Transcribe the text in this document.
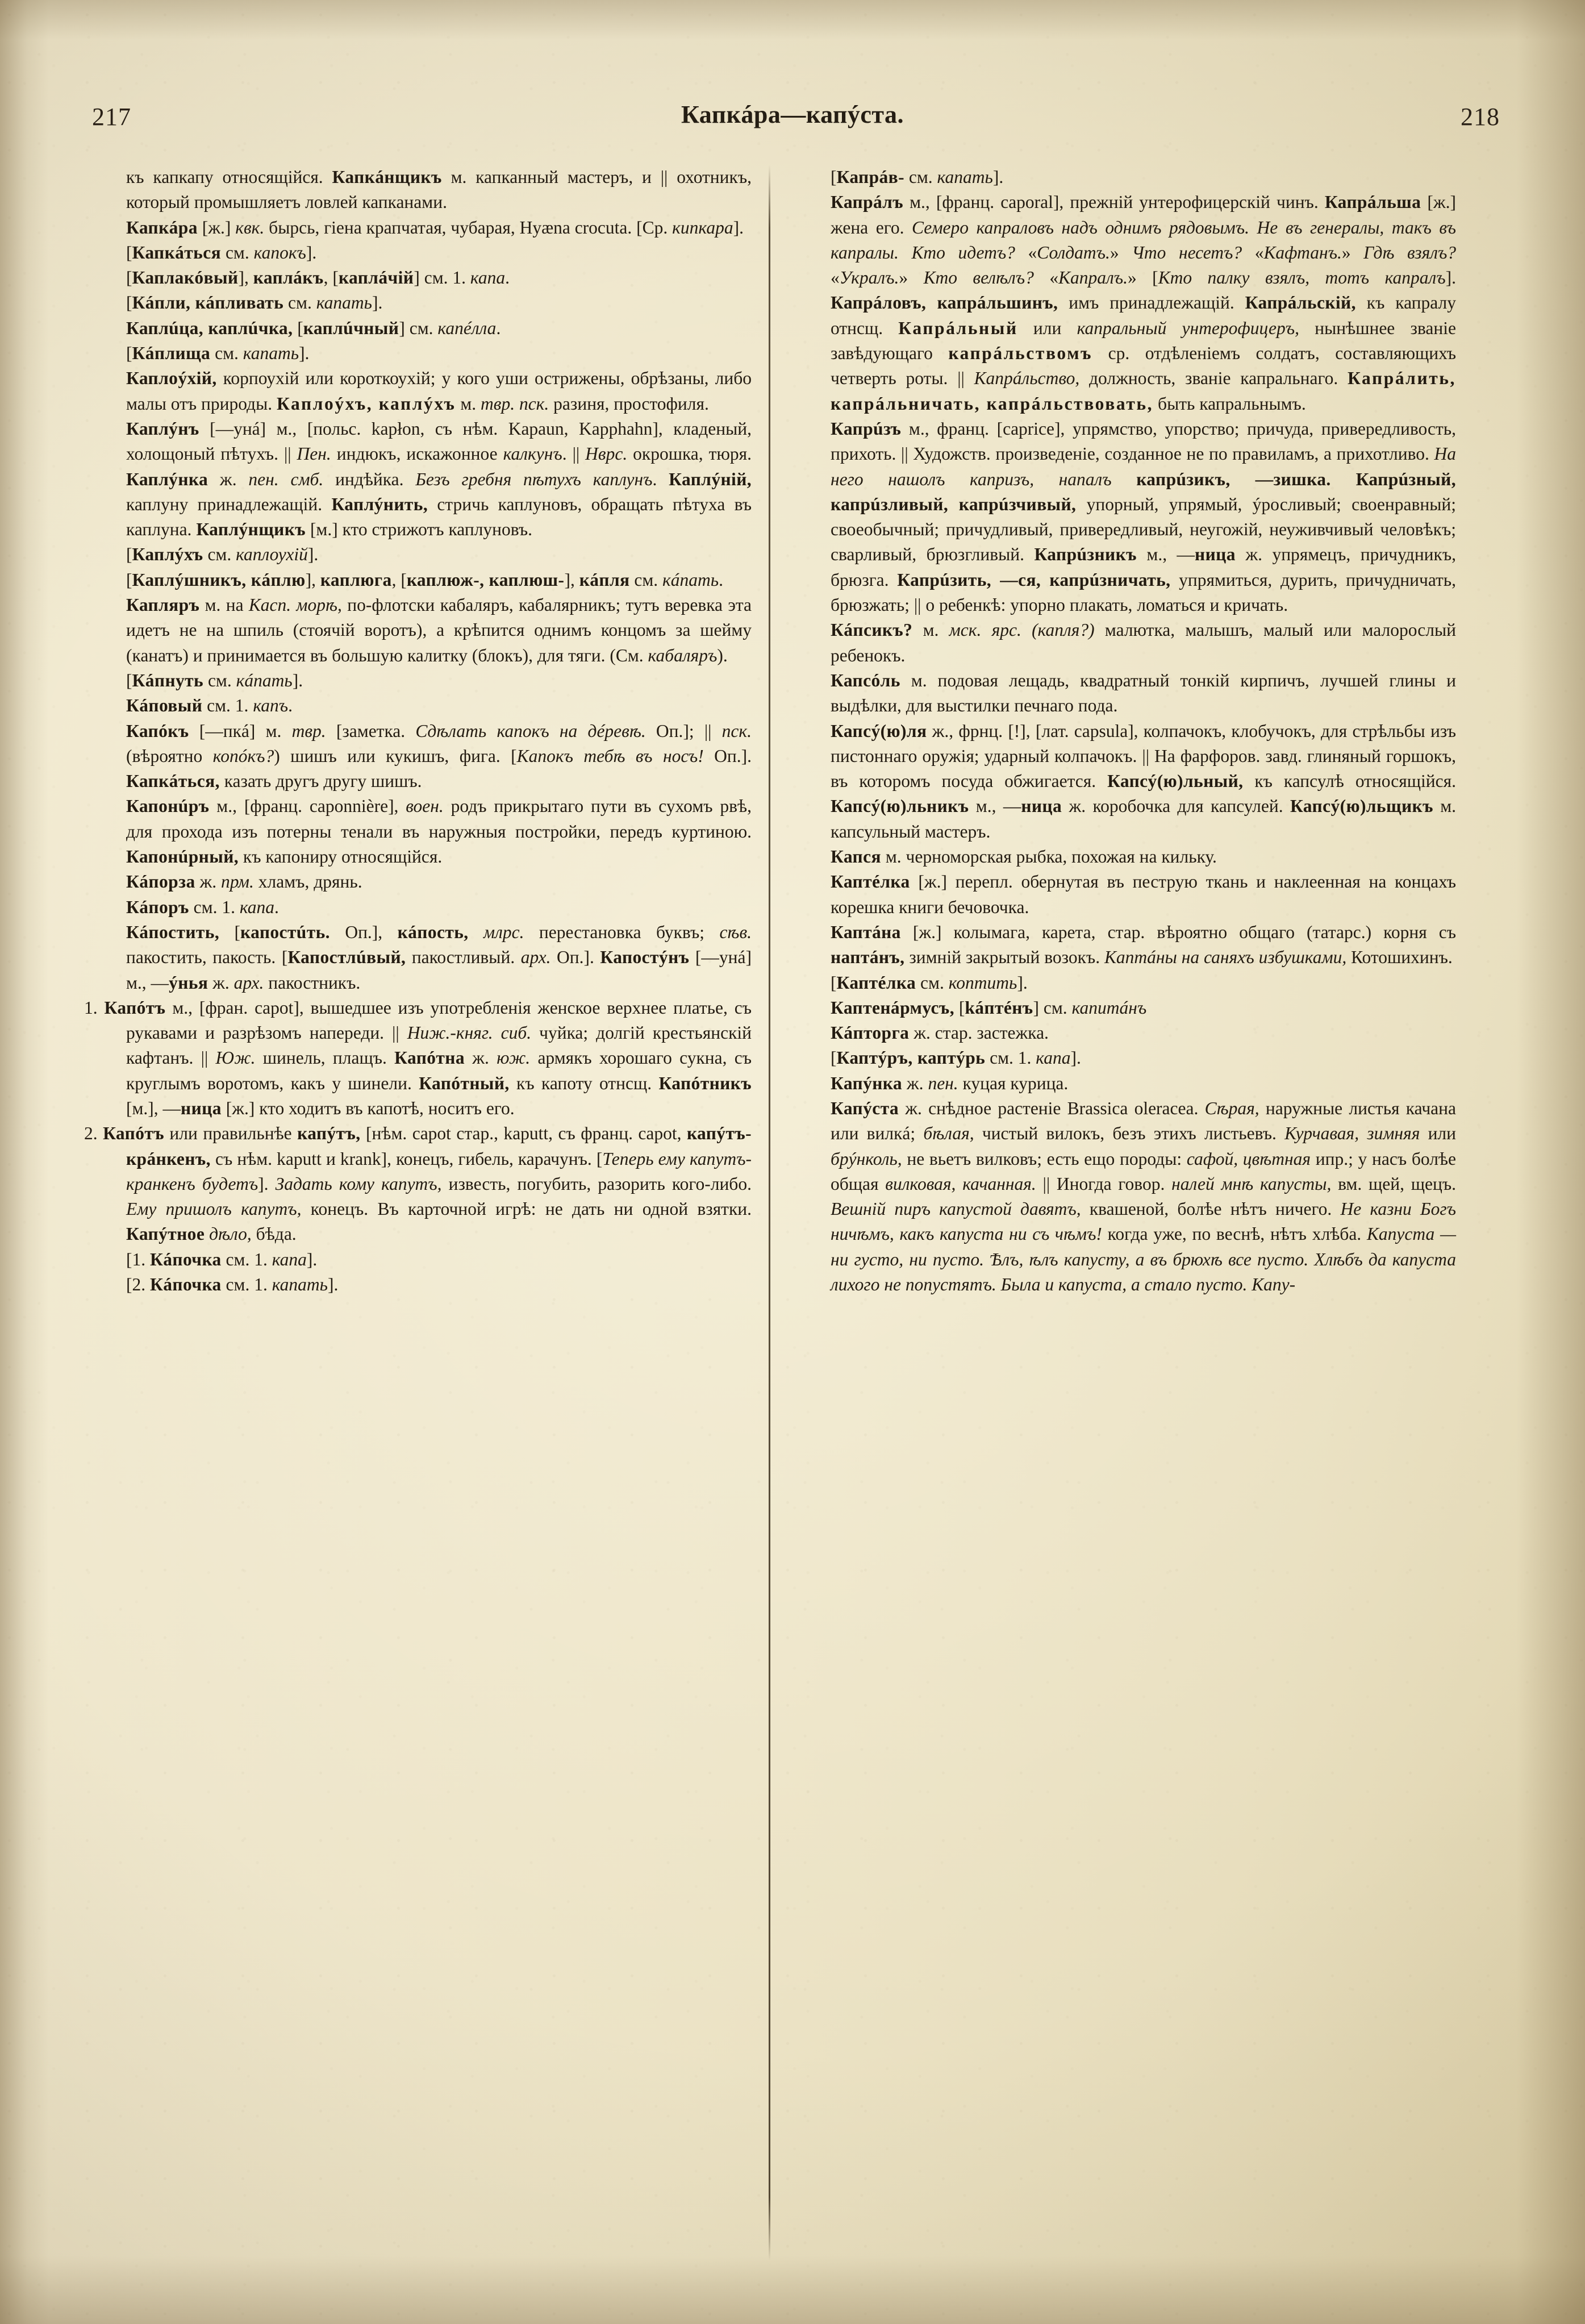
217	Капкáра—капýста.	218

къ капкапу относящiйся. Капкáнщикъ м. капканный мастеръ, и || охотникъ, который промышляетъ ловлей капканами.

Капкáра [ж.] квк. бырсь, гiена крапчатая, чубарая, Hyæna crocuta. [Ср. кипкара].

[Капкáться см. капокъ].

[Каплакóвый], каплáкъ, [каплáчiй] см. 1. капа.

[Кáпли, кáпливать см. капать].

Каплúца, каплúчка, [каплúчный] см. капéлла.

[Кáплища см. капать].

Каплоýхiй, корпоухiй или короткоухiй; у кого уши острижены, обрѣзаны, либо малы отъ природы. Каплоýхъ, каплýхъ м. твр. пск. разиня, простофиля.

Каплýнъ [—унá] м., [польс. kapłon, съ нѣм. Kapaun, Kapphahn], кладеный, холощоный пѣтухъ. || Пен. индюкъ, искажонное калкунъ. || Нврс. окрошка, тюря. Каплýнка ж. пен. смб. индѣйка. Безъ гребня пѣтухъ каплунъ. Каплýнiй, каплуну принадлежащiй. Каплýнить, стричь каплуновъ, обращать пѣтуха въ каплуна. Каплýнщикъ [м.] кто стрижотъ каплуновъ.

[Каплýхъ см. каплоухiй].

[Каплýшникъ, кáплю], каплюга, [каплюж-, каплюш-], кáпля см. кáпать.

Капляръ м. на Касп. морѣ, по-флотски кабаляръ, кабалярникъ; тутъ веревка эта идетъ не на шпиль (стоячiй воротъ), а крѣпится однимъ концомъ за шейму (канатъ) и принимается въ большую калитку (блокъ), для тяги. (См. кабаляръ).

[Кáпнуть см. кáпать].

Кáповый см. 1. капъ.

Капóкъ [—пкá] м. твр. [заметка. Сдѣлать капокъ на дéревѣ. Оп.]; || пск. (вѣроятно копóкъ?) шишъ или кукишъ, фига. [Капокъ тебѣ въ носъ! Оп.]. Капкáться, казать другъ другу шишъ.

Капонúръ м., [франц. caponnière], воен. родъ прикрытаго пути въ сухомъ рвѣ, для прохода изъ потерны тенали въ наружныя постройки, передъ куртиною. Капонúрный, къ капониру относящiйся.

Кáпорза ж. прм. хламъ, дрянь.

Кáпоръ см. 1. капа.

Кáпостить, [капостúть. Оп.], кáпость, млрс. перестановка буквъ; сѣв. пакостить, пакость. [Капостлúвый, пакостливый. арх. Оп.]. Капостýнъ [—унá] м., —ýнья ж. арх. пакостникъ.

1. Капóтъ м., [фран. capot], вышедшее изъ употребленiя женское верхнее платье, съ рукавами и разрѣзомъ напереди. || Ниж.-княг. сиб. чуйка; долгiй крестьянскiй кафтанъ. || Юж. шинель, плащъ. Капóтна ж. юж. армякъ хорошаго сукна, съ круглымъ воротомъ, какъ у шинели. Капóтный, къ капоту отнсщ. Капóтникъ [м.], —ница [ж.] кто ходитъ въ капотѣ, носитъ его.

2. Капóтъ или правильнѣе капýтъ, [нѣм. capot стар., kaputt, съ франц. capot, капýтъ-крáнкенъ, съ нѣм. kaputt и krank], конецъ, гибель, карачунъ. [Теперь ему капутъ-кранкенъ будетъ]. Задать кому капутъ, известь, погубить, разорить кого-либо. Ему пришолъ капутъ, конецъ. Въ карточной игрѣ: не дать ни одной взятки. Капýтное дѣло, бѣда.

[1. Кáпочка см. 1. капа].

[2. Кáпочка см. 1. капать].

[Капрáв- см. капать].

Капрáлъ м., [франц. caporal], прежнiй унтерофицерскiй чинъ. Капрáльша [ж.] жена его. Семеро капраловъ надъ однимъ рядовымъ. Не въ генералы, такъ въ капралы. Кто идетъ? «Солдатъ.» Что несетъ? «Кафтанъ.» Гдѣ взялъ? «Укралъ.» Кто велѣлъ? «Капралъ.» [Кто палку взялъ, тотъ капралъ]. Капрáловъ, капрáльшинъ, имъ принадлежащiй. Капрáльскiй, къ капралу отнсщ. Капрáльный или капральный унтерофицеръ, нынѣшнее званiе завѣдующаго капрáльствомъ ср. отдѣленiемъ солдатъ, составляющихъ четверть роты. || Капрáльство, должность, званiе капральнаго. Капрáлить, капрáльничать, капрáльствовать, быть капральнымъ.

Капрúзъ м., франц. [caprice], упрямство, упорство; причуда, привередливость, прихоть. || Художств. произведенiе, созданное не по правиламъ, а прихотливо. На него нашолъ капризъ, напалъ капрúзикъ, —зишка. Капрúзный, капрúзливый, капрúзчивый, упорный, упрямый, ýросливый; своенравный; своеобычный; причудливый, привередливый, неугожiй, неуживчивый человѣкъ; сварливый, брюзгливый. Капрúзникъ м., —ница ж. упрямецъ, причудникъ, брюзга. Капрúзить, —ся, капрúзничать, упрямиться, дурить, причудничать, брюзжать; || о ребенкѣ: упорно плакать, ломаться и кричать.

Кáпсикъ? м. мск. ярс. (капля?) малютка, малышъ, малый или малорослый ребенокъ.

Капсóль м. подовая лещадь, квадратный тонкiй кирпичъ, лучшей глины и выдѣлки, для выстилки печнаго пода.

Капсý(ю)ля ж., фрнц. [!], [лат. capsula], колпачокъ, клобучокъ, для стрѣльбы изъ пистоннаго оружiя; ударный колпачокъ. || На фарфоров. завд. глиняный горшокъ, въ которомъ посуда обжигается. Капсý(ю)льный, къ капсулѣ относящiйся. Капсý(ю)льникъ м., —ница ж. коробочка для капсулей. Капсý(ю)льщикъ м. капсульный мастеръ.

Капся м. черноморская рыбка, похожая на кильку.

Каптéлка [ж.] перепл. обернутая въ пеструю ткань и наклеенная на концахъ корешка книги бечовочка.

Каптáна [ж.] колымага, карета, стар. вѣроятно общаго (татарс.) корня съ наптáнъ, зимнiй закрытый возокъ. Каптáны на саняхъ избушками, Котошихинъ.

[Каптéлка см. коптить].

Каптенáрмусъ, [káптéнъ] см. капитáнъ

Кáпторга ж. стар. застежка.

[Каптýръ, каптýрь см. 1. капа].

Капýнка ж. пен. куцая курица.

Капýста ж. снѣдное растенiе Brassica oleracea. Сѣрая, наружные листья качана или вилкá; бѣлая, чистый вилокъ, безъ этихъ листьевъ. Курчавая, зимняя или брýнколь, не вьетъ вилковъ; есть ещо породы: сафой, цвѣтная ипр.; у насъ болѣе общая вилковая, качанная. || Иногда говор. налей мнѣ капусты, вм. щей, щецъ. Вешнiй пиръ капустой давятъ, квашеной, болѣе нѣтъ ничего. Не казни Богъ ничѣмъ, какъ капуста ни съ чѣмъ! когда уже, по веснѣ, нѣтъ хлѣба. Капуста — ни густо, ни пусто. Ѣлъ, ѣлъ капусту, а въ брюхѣ все пусто. Хлѣбъ да капуста лихого не попустятъ. Была и капуста, а стало пусто. Капу-
